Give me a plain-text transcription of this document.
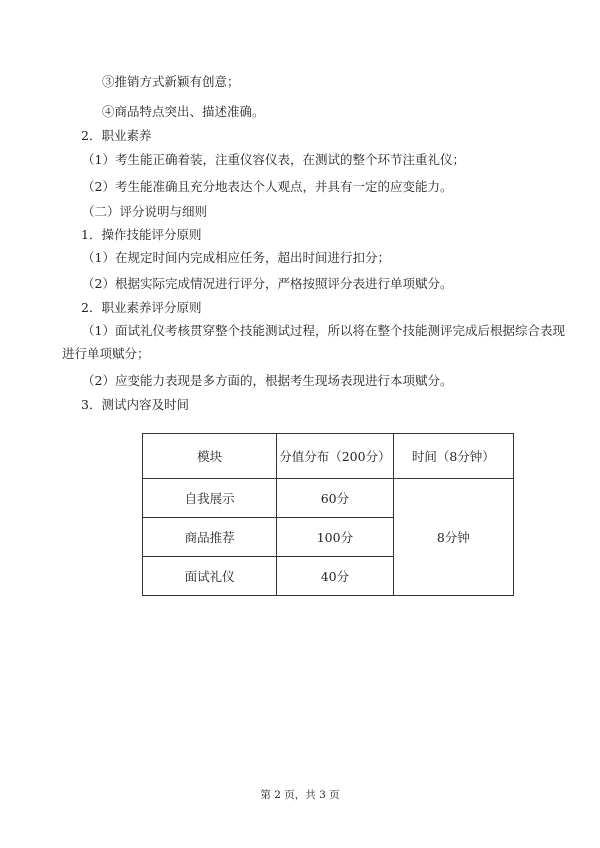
③推销方式新颖有创意；
④商品特点突出、描述准确。
2．职业素养
（1）考生能正确着装，注重仪容仪表，在测试的整个环节注重礼仪；
（2）考生能准确且充分地表达个人观点，并具有一定的应变能力。
（二）评分说明与细则
1．操作技能评分原则
（1）在规定时间内完成相应任务，超出时间进行扣分；
（2）根据实际完成情况进行评分，严格按照评分表进行单项赋分。
2．职业素养评分原则
（1）面试礼仪考核贯穿整个技能测试过程，所以将在整个技能测评完成后根据综合表现
进行单项赋分；
（2）应变能力表现是多方面的，根据考生现场表现进行本项赋分。
3．测试内容及时间
模块	分值分布（200分）	时间（8分钟）
自我展示	60分	8分钟
商品推荐	100分	
面试礼仪	40分	
第 2 页，共 3 页
